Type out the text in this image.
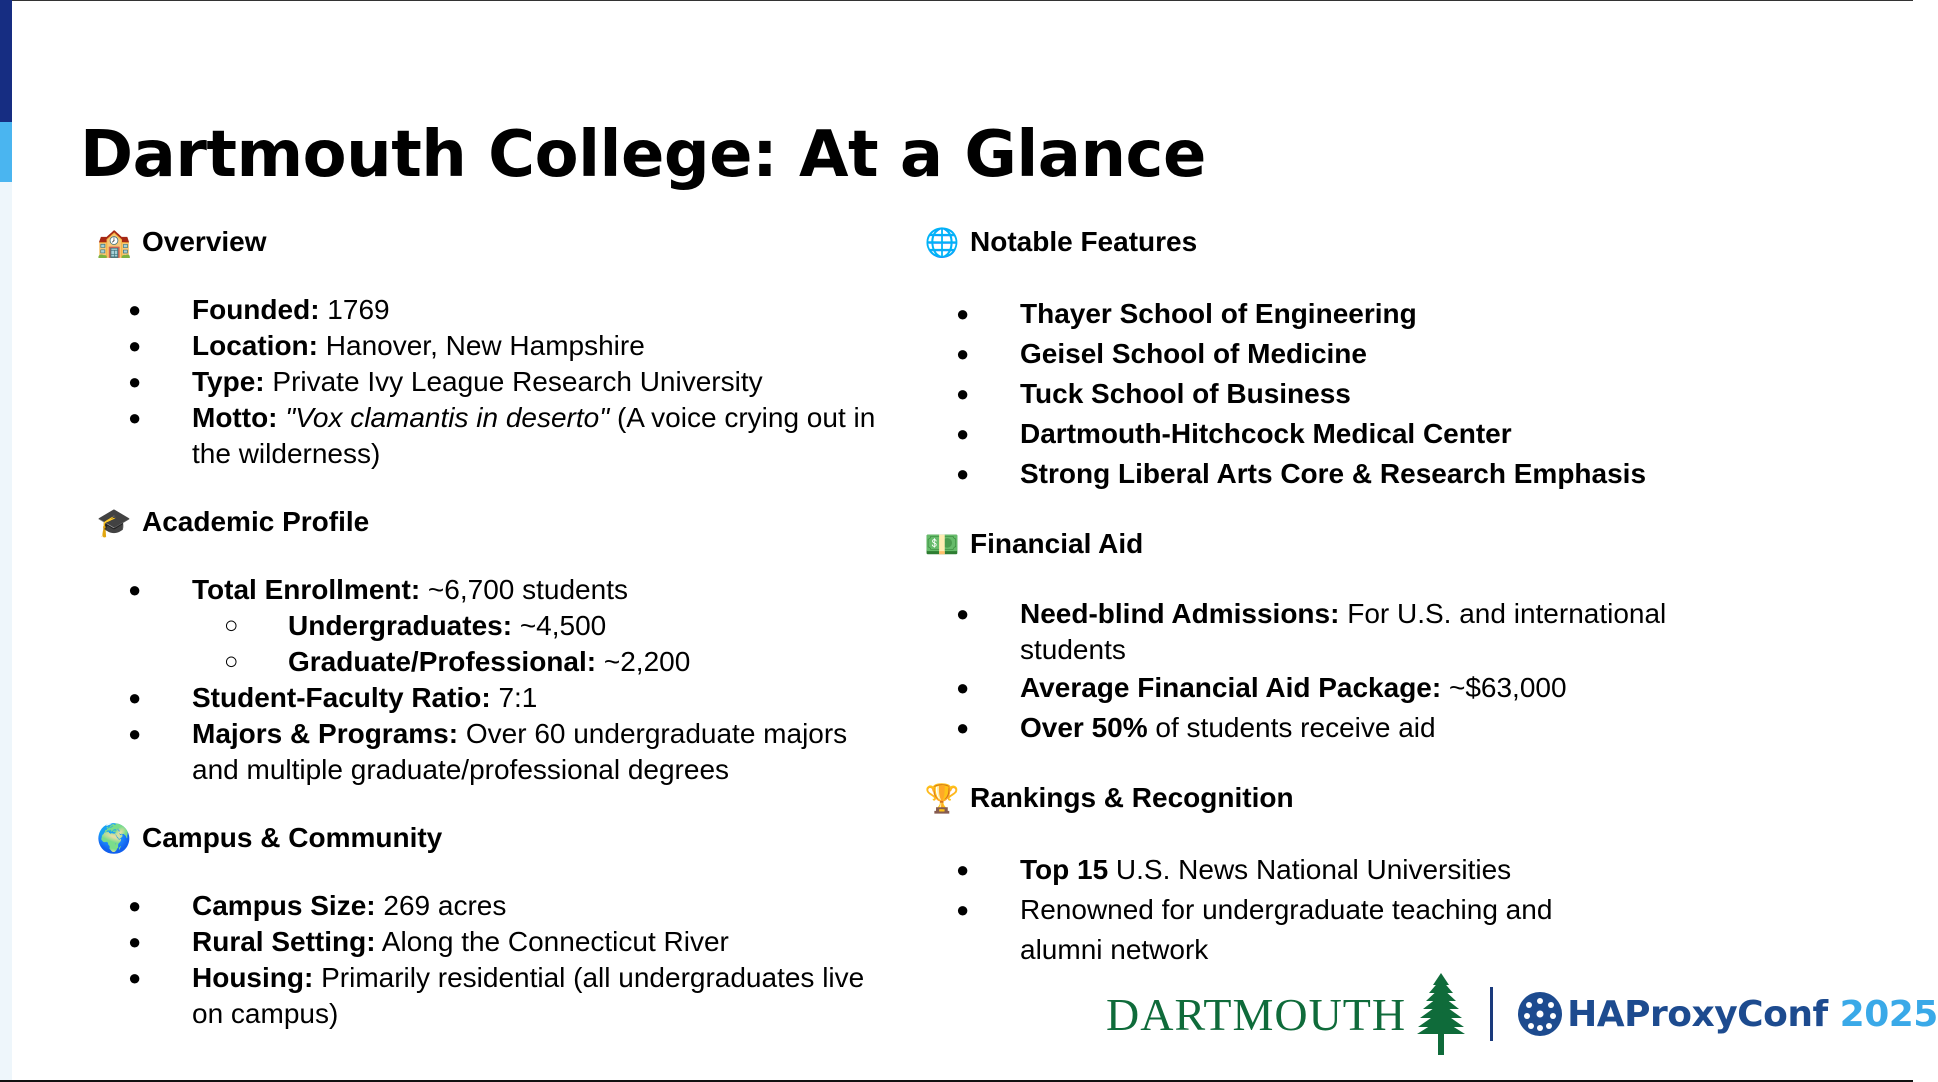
Dartmouth College: At a Glance
🏫 Overview
● Founded: 1769
● Location: Hanover, New Hampshire
● Type: Private Ivy League Research University
● Motto: "Vox clamantis in deserto" (A voice crying out in the wilderness)
🎓 Academic Profile
● Total Enrollment: ~6,700 students
○ Undergraduates: ~4,500
○ Graduate/Professional: ~2,200
● Student-Faculty Ratio: 7:1
● Majors & Programs: Over 60 undergraduate majors and multiple graduate/professional degrees
🌍 Campus & Community
● Campus Size: 269 acres
● Rural Setting: Along the Connecticut River
● Housing: Primarily residential (all undergraduates live on campus)
🌐 Notable Features
● Thayer School of Engineering
● Geisel School of Medicine
● Tuck School of Business
● Dartmouth-Hitchcock Medical Center
● Strong Liberal Arts Core & Research Emphasis
💵 Financial Aid
● Need-blind Admissions: For U.S. and international students
● Average Financial Aid Package: ~$63,000
● Over 50% of students receive aid
🏆 Rankings & Recognition
● Top 15 U.S. News National Universities
● Renowned for undergraduate teaching and alumni network
DARTMOUTH	HAProxyConf 2025
